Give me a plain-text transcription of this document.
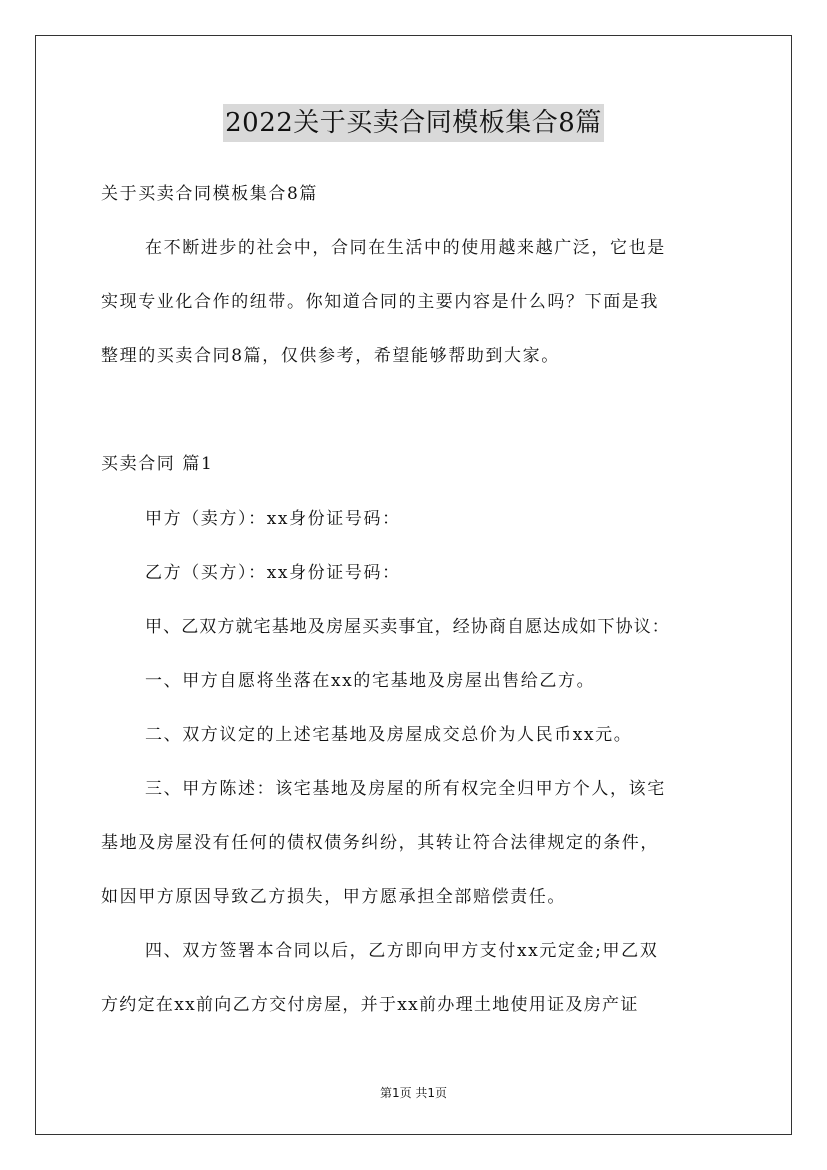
2022关于买卖合同模板集合8篇
关于买卖合同模板集合8篇
在不断进步的社会中，合同在生活中的使用越来越广泛，它也是
实现专业化合作的纽带。你知道合同的主要内容是什么吗？下面是我
整理的买卖合同8篇，仅供参考，希望能够帮助到大家。
买卖合同 篇1
甲方（卖方）：xx身份证号码：
乙方（买方）：xx身份证号码：
甲、乙双方就宅基地及房屋买卖事宜，经协商自愿达成如下协议：
一、甲方自愿将坐落在xx的宅基地及房屋出售给乙方。
二、双方议定的上述宅基地及房屋成交总价为人民币xx元。
三、甲方陈述：该宅基地及房屋的所有权完全归甲方个人，该宅
基地及房屋没有任何的债权债务纠纷，其转让符合法律规定的条件，
如因甲方原因导致乙方损失，甲方愿承担全部赔偿责任。
四、双方签署本合同以后，乙方即向甲方支付xx元定金;甲乙双
方约定在xx前向乙方交付房屋，并于xx前办理土地使用证及房产证
第1页 共1页
